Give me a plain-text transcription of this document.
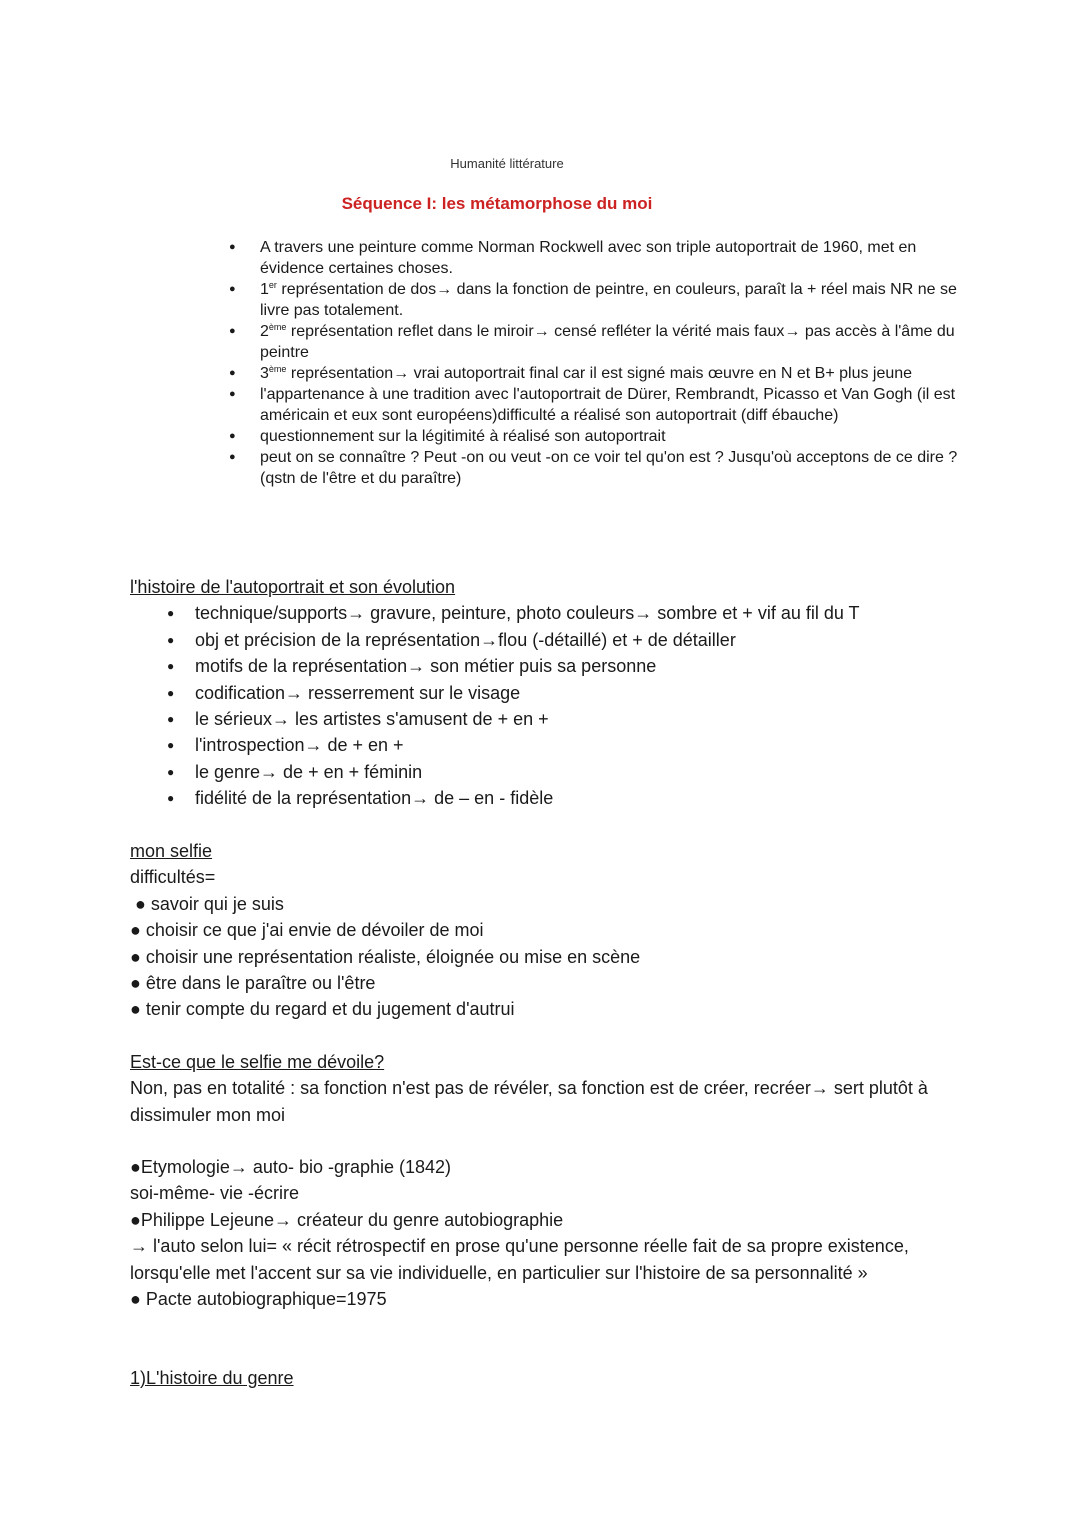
Humanité littérature
Séquence I: les métamorphose du moi
● A travers une peinture comme Norman Rockwell avec son triple autoportrait de 1960, met en évidence certaines choses.
● 1er représentation de dos→ dans la fonction de peintre, en couleurs, paraît la + réel mais NR ne se livre pas totalement.
● 2ème représentation reflet dans le miroir→ censé refléter la vérité mais faux→ pas accès à l'âme du peintre
● 3ème représentation→ vrai autoportrait final car il est signé mais œuvre en N et B+ plus jeune
● l'appartenance à une tradition avec l'autoportrait de Dürer, Rembrandt, Picasso et Van Gogh (il est américain et eux sont européens)difficulté a réalisé son autoportrait (diff ébauche)
● questionnement sur la légitimité à réalisé son autoportrait
● peut on se connaître ? Peut -on ou veut -on ce voir tel qu'on est ? Jusqu'où acceptons de ce dire ? (qstn de l'être et du paraître)
l'histoire de l'autoportrait et son évolution
● technique/supports→ gravure, peinture, photo couleurs→ sombre et + vif au fil du T
● obj et précision de la représentation→flou (-détaillé) et + de détailler
● motifs de la représentation→ son métier puis sa personne
● codification→ resserrement sur le visage
● le sérieux→ les artistes s'amusent de + en +
● l'introspection→ de + en +
● le genre→ de + en + féminin
● fidélité de la représentation→ de – en - fidèle
mon selfie
difficultés=
● savoir qui je suis
● choisir ce que j'ai envie de dévoiler de moi
● choisir une représentation réaliste, éloignée ou mise en scène
● être dans le paraître ou l'être
● tenir compte du regard et du jugement d'autrui
Est-ce que le selfie me dévoile?
Non, pas en totalité : sa fonction n'est pas de révéler, sa fonction est de créer, recréer→ sert plutôt à dissimuler mon moi
●Etymologie→ auto- bio -graphie (1842)
soi-même- vie -écrire
●Philippe Lejeune→ créateur du genre autobiographie
→ l'auto selon lui= « récit rétrospectif en prose qu'une personne réelle fait de sa propre existence, lorsqu'elle met l'accent sur sa vie individuelle, en particulier sur l'histoire de sa personnalité »
● Pacte autobiographique=1975
1)L'histoire du genre
